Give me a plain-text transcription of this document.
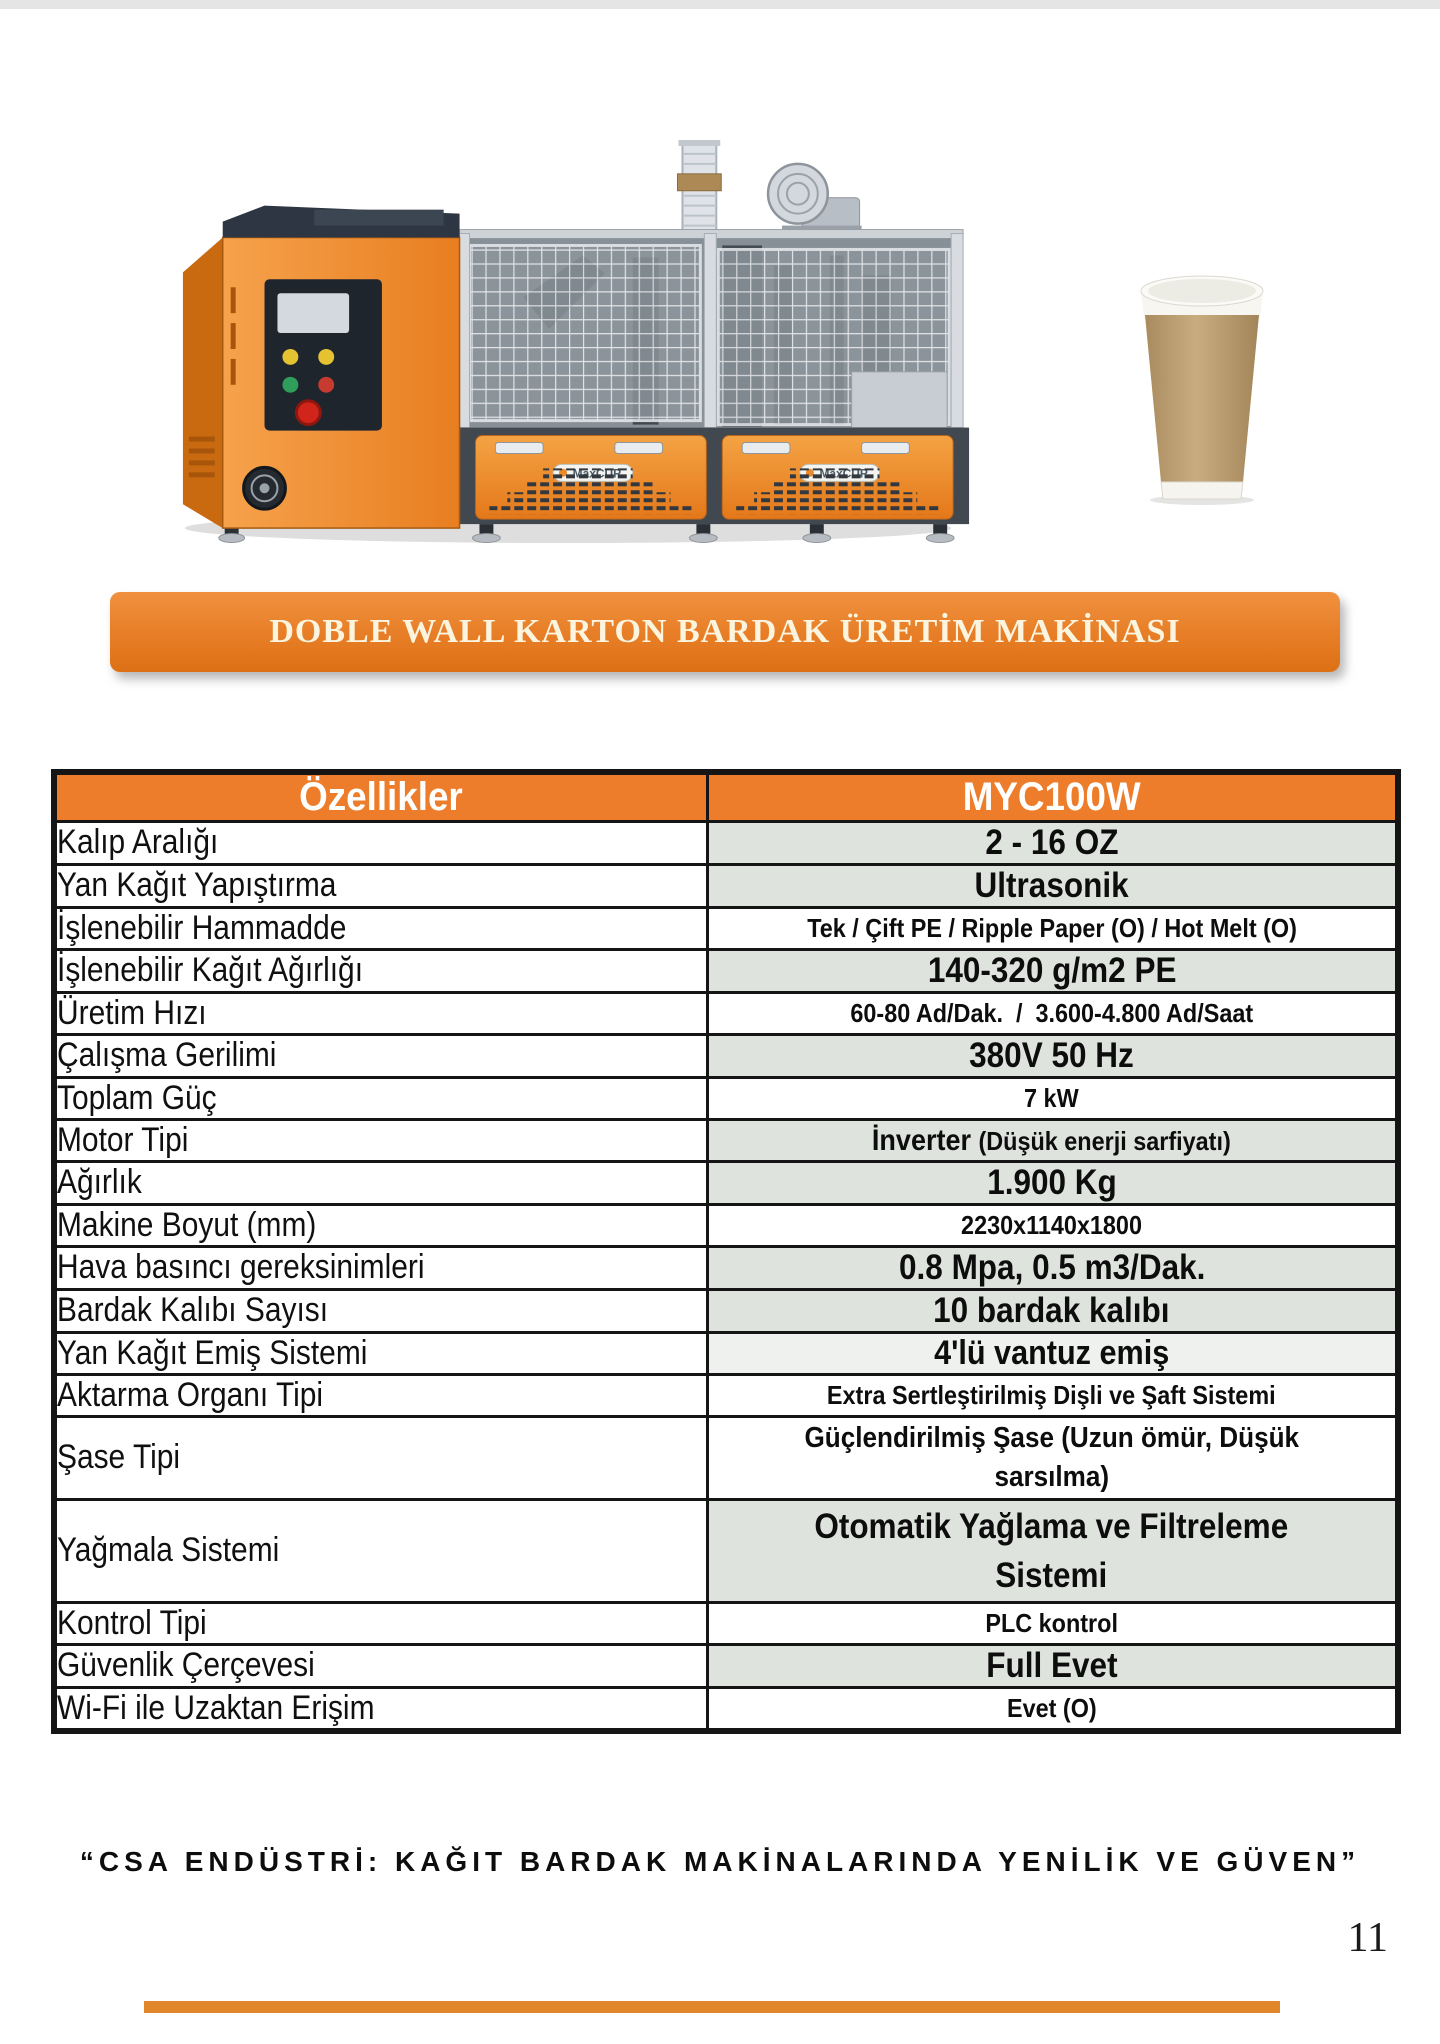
DOBLE WALL KARTON BARDAK ÜRETİM MAKİNASI
Özellikler	MYC100W
Kalıp Aralığı	2 - 16 OZ
Yan Kağıt Yapıştırma	Ultrasonik
İşlenebilir Hammadde	Tek / Çift PE / Ripple Paper (O) / Hot Melt (O)
İşlenebilir Kağıt Ağırlığı	140-320 g/m2 PE
Üretim Hızı	60-80 Ad/Dak.  /  3.600-4.800 Ad/Saat
Çalışma Gerilimi	380V 50 Hz
Toplam Güç	7 kW
Motor Tipi	İnverter (Düşük enerji sarfiyatı)
Ağırlık	1.900 Kg
Makine Boyut (mm)	2230x1140x1800
Hava basıncı gereksinimleri	0.8 Mpa, 0.5 m3/Dak.
Bardak Kalıbı Sayısı	10 bardak kalıbı
Yan Kağıt Emiş Sistemi	4'lü vantuz emiş
Aktarma Organı Tipi	Extra Sertleştirilmiş Dişli ve Şaft Sistemi
Şase Tipi	Güçlendirilmiş Şase (Uzun ömür, Düşük
sarsılma)

Yağmala Sistemi	Otomatik Yağlama ve Filtreleme
Sistemi

Kontrol Tipi	PLC kontrol
Güvenlik Çerçevesi	Full Evet
Wi-Fi ile Uzaktan Erişim	Evet (O)
“CSA ENDÜSTRİ: KAĞIT BARDAK MAKİNALARINDA YENİLİK VE GÜVEN”
11
